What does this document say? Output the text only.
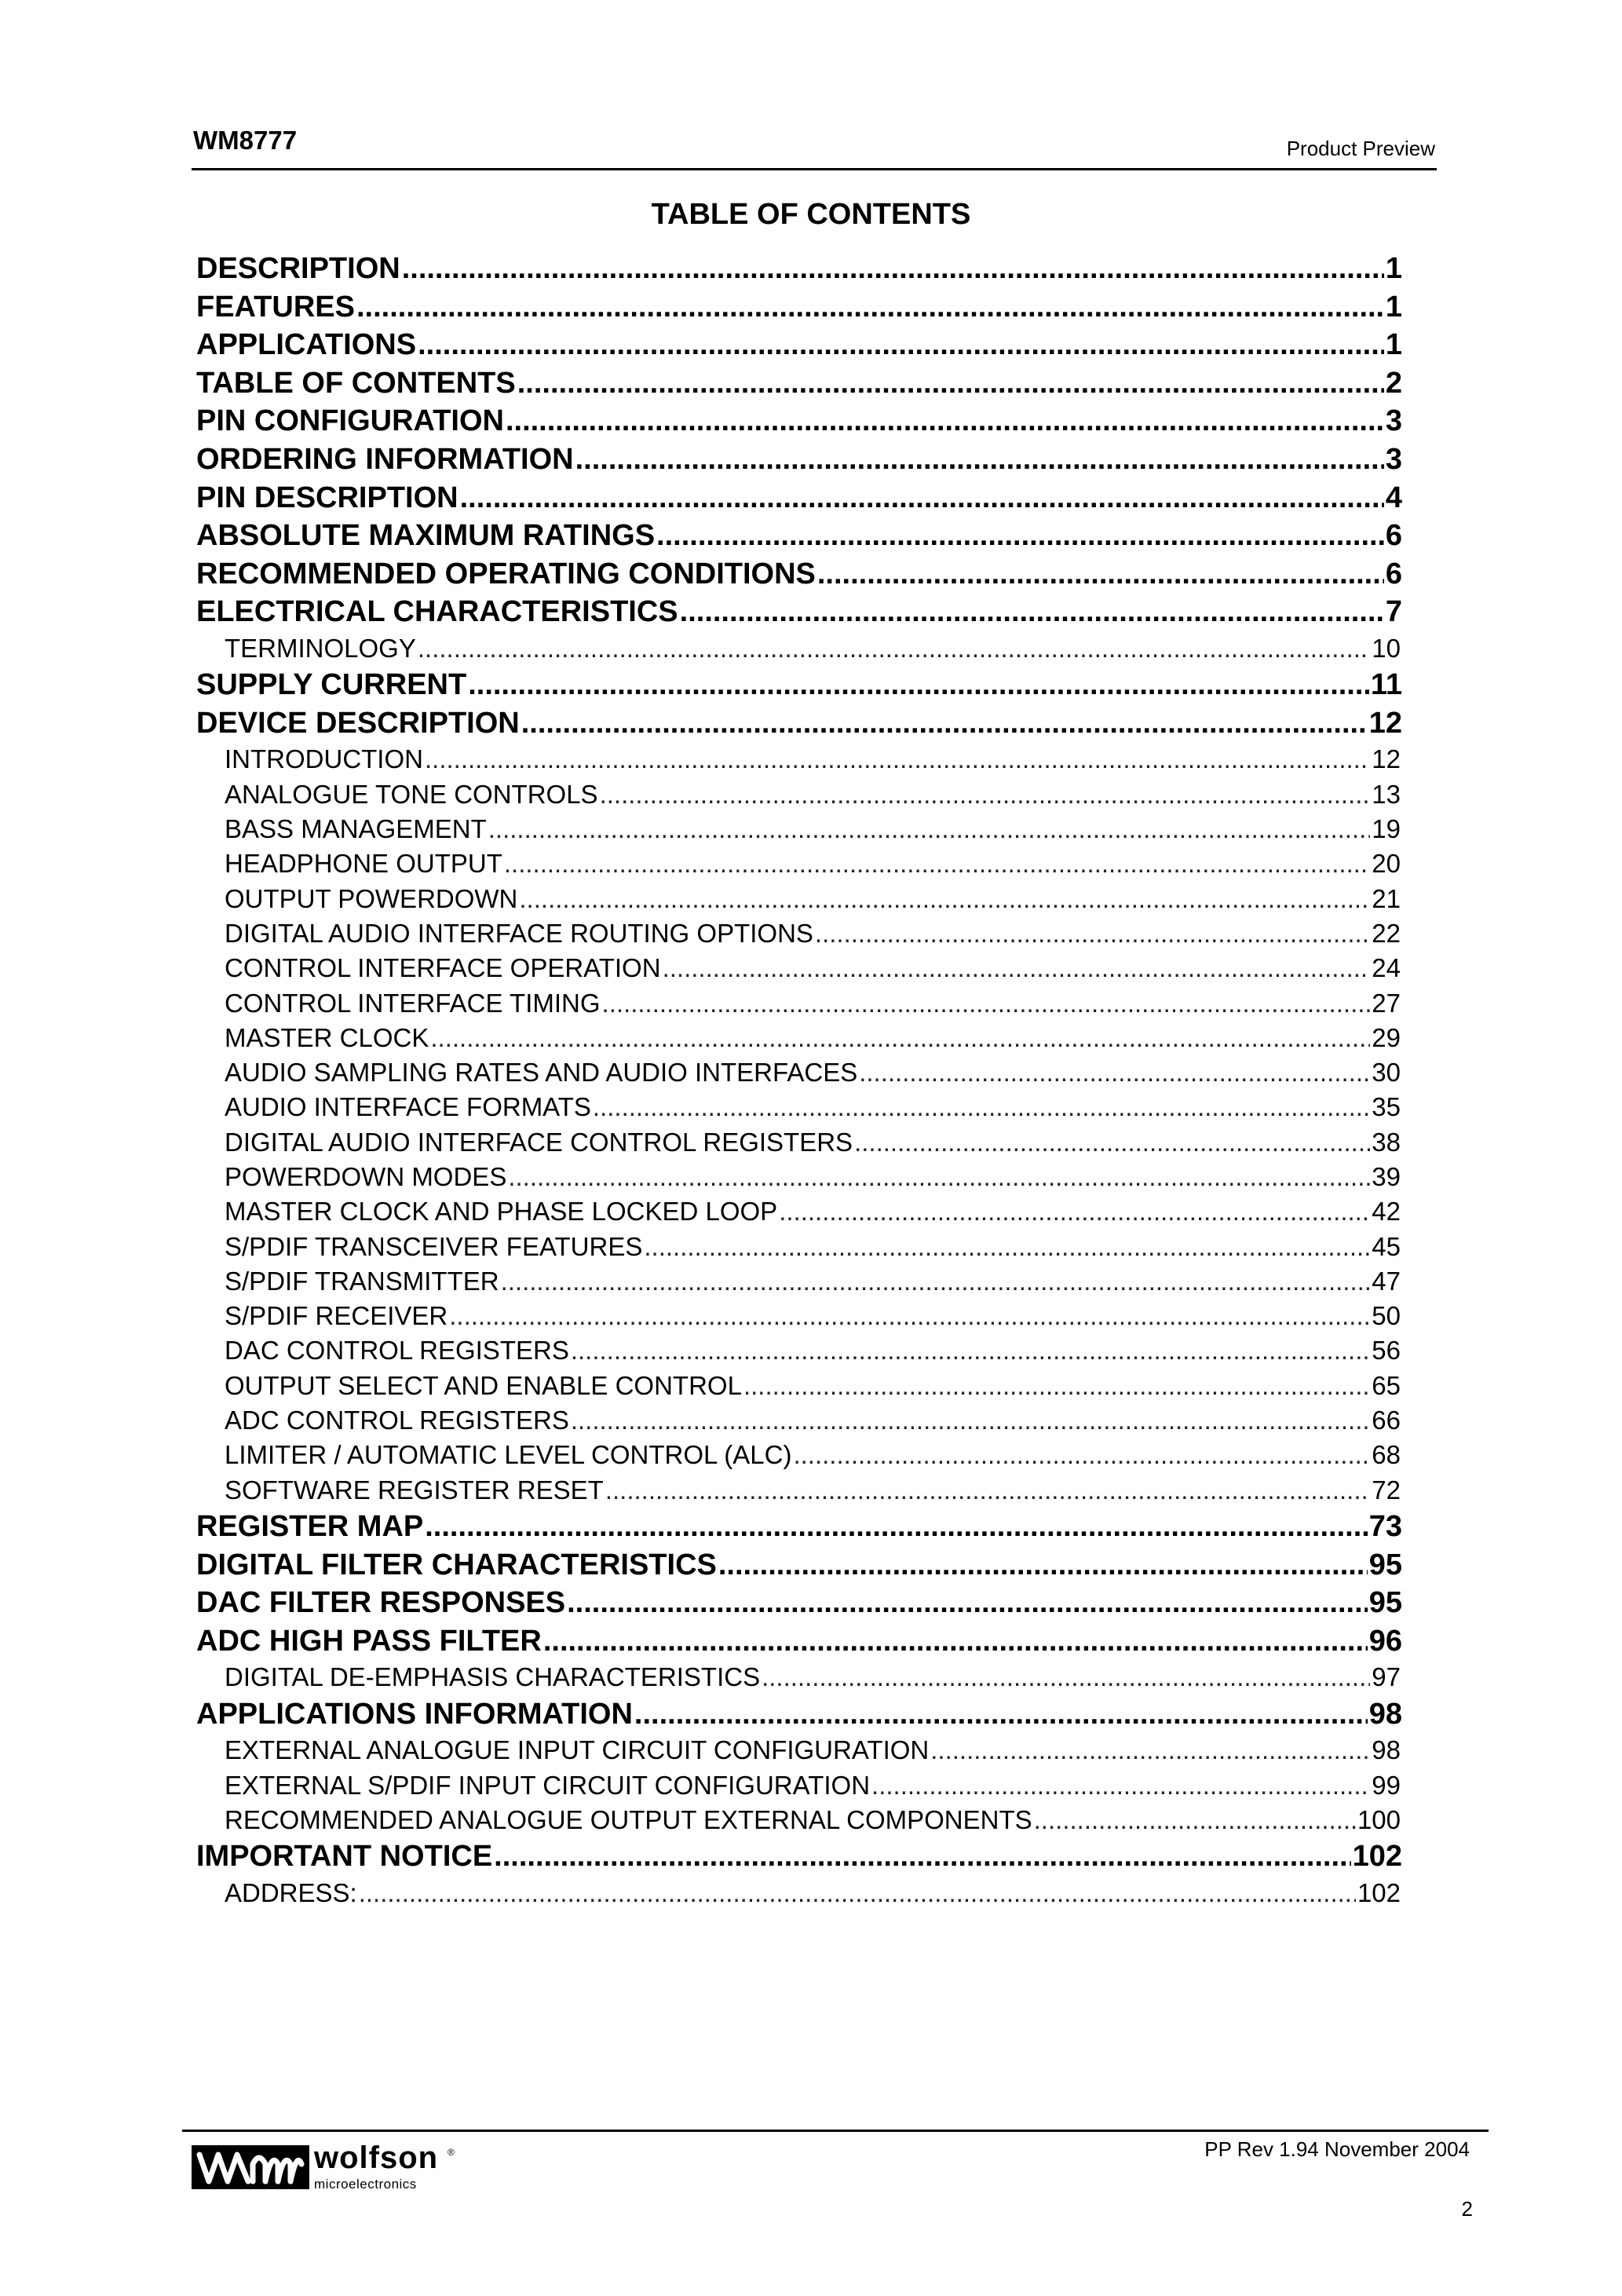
WM8777	Product Preview
TABLE OF CONTENTS
DESCRIPTION .....	1
FEATURES .....	1
APPLICATIONS .....	1
TABLE OF CONTENTS .....	2
PIN CONFIGURATION .....	3
ORDERING INFORMATION .....	3
PIN DESCRIPTION .....	4
ABSOLUTE MAXIMUM RATINGS .....	6
RECOMMENDED OPERATING CONDITIONS .....	6
ELECTRICAL CHARACTERISTICS .....	7
TERMINOLOGY .....	10
SUPPLY CURRENT .....	11
DEVICE DESCRIPTION .....	12
INTRODUCTION .....	12
ANALOGUE TONE CONTROLS .....	13
BASS MANAGEMENT .....	19
HEADPHONE OUTPUT .....	20
OUTPUT POWERDOWN .....	21
DIGITAL AUDIO INTERFACE ROUTING OPTIONS .....	22
CONTROL INTERFACE OPERATION .....	24
CONTROL INTERFACE TIMING .....	27
MASTER CLOCK .....	29
AUDIO SAMPLING RATES AND AUDIO INTERFACES .....	30
AUDIO INTERFACE FORMATS .....	35
DIGITAL AUDIO INTERFACE CONTROL REGISTERS .....	38
POWERDOWN MODES .....	39
MASTER CLOCK AND PHASE LOCKED LOOP .....	42
S/PDIF TRANSCEIVER FEATURES .....	45
S/PDIF TRANSMITTER .....	47
S/PDIF RECEIVER .....	50
DAC CONTROL REGISTERS .....	56
OUTPUT SELECT AND ENABLE CONTROL .....	65
ADC CONTROL REGISTERS .....	66
LIMITER / AUTOMATIC LEVEL CONTROL (ALC) .....	68
SOFTWARE REGISTER RESET .....	72
REGISTER MAP .....	73
DIGITAL FILTER CHARACTERISTICS .....	95
DAC FILTER RESPONSES .....	95
ADC HIGH PASS FILTER .....	96
DIGITAL DE-EMPHASIS CHARACTERISTICS .....	97
APPLICATIONS INFORMATION .....	98
EXTERNAL ANALOGUE INPUT CIRCUIT CONFIGURATION .....	98
EXTERNAL S/PDIF INPUT CIRCUIT CONFIGURATION .....	99
RECOMMENDED ANALOGUE OUTPUT EXTERNAL COMPONENTS .....	100
IMPORTANT NOTICE .....	102
ADDRESS: .....	102
wolfson ®
microelectronics
PP Rev 1.94 November 2004
2
